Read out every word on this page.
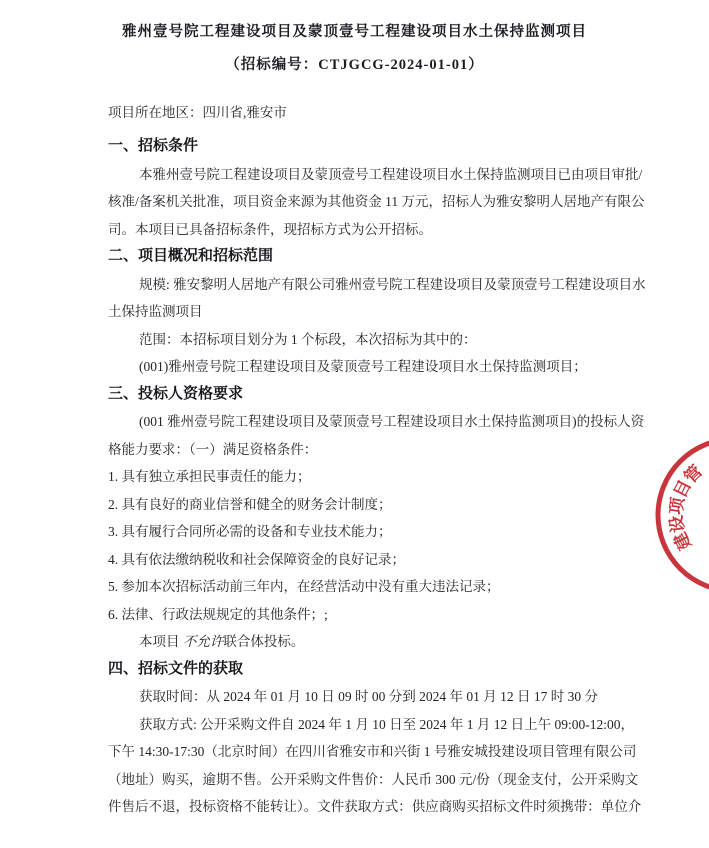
雅州壹号院工程建设项目及蒙顶壹号工程建设项目水土保持监测项目
（招标编号：CTJGCG-2024-01-01）
项目所在地区：四川省,雅安市
一、招标条件
本雅州壹号院工程建设项目及蒙顶壹号工程建设项目水土保持监测项目已由项目审批/
核准/备案机关批准，项目资金来源为其他资金 11 万元，招标人为雅安黎明人居地产有限公
司。本项目已具备招标条件，现招标方式为公开招标。
二、项目概况和招标范围
规模: 雅安黎明人居地产有限公司雅州壹号院工程建设项目及蒙顶壹号工程建设项目水
土保持监测项目
范围：本招标项目划分为 1 个标段，本次招标为其中的：
(001)雅州壹号院工程建设项目及蒙顶壹号工程建设项目水土保持监测项目；
三、投标人资格要求
(001 雅州壹号院工程建设项目及蒙顶壹号工程建设项目水土保持监测项目)的投标人资
格能力要求：（一）满足资格条件：
1. 具有独立承担民事责任的能力；
2. 具有良好的商业信誉和健全的财务会计制度；
3. 具有履行合同所必需的设备和专业技术能力；
4. 具有依法缴纳税收和社会保障资金的良好记录；
5. 参加本次招标活动前三年内，在经营活动中没有重大违法记录；
6. 法律、行政法规规定的其他条件；;
本项目 不允许联合体投标。
四、招标文件的获取
获取时间：从 2024 年 01 月 10 日 09 时 00 分到 2024 年 01 月 12 日 17 时 30 分
获取方式: 公开采购文件自 2024 年 1 月 10 日至 2024 年 1 月 12 日上午 09:00-12:00，
下午 14:30-17:30（北京时间）在四川省雅安市和兴街 1 号雅安城投建设项目管理有限公司
（地址）购买，逾期不售。公开采购文件售价：人民币 300 元/份（现金支付，公开采购文
件售后不退，投标资格不能转让）。文件获取方式：供应商购买招标文件时须携带：单位介
建
设
项
目
管
